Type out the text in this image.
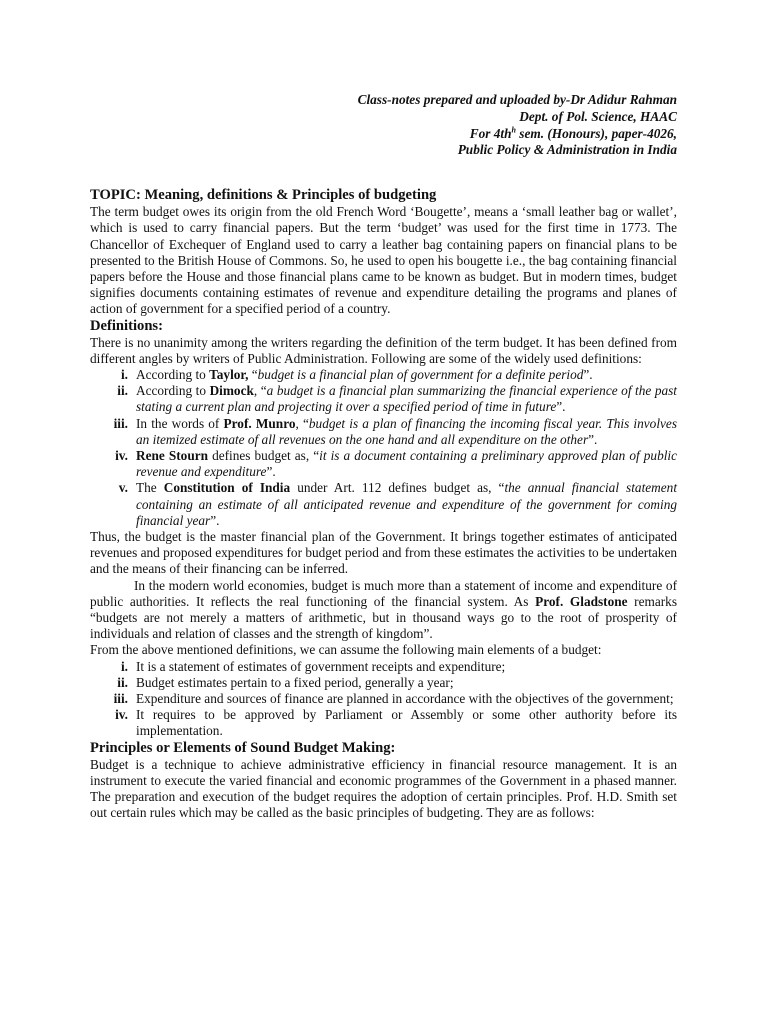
Class-notes prepared and uploaded by-Dr Adidur Rahman
Dept. of Pol. Science, HAAC
For $4th^h$ sem. (Honours), paper-4026,
Public Policy & Administration in India
TOPIC: Meaning, definitions & Principles of budgeting

The term budget owes its origin from the old French Word ‘Bougette’, means a ‘small leather bag or wallet’, which is used to carry financial papers. But the term ‘budget’ was used for the first time in 1773. The Chancellor of Exchequer of England used to carry a leather bag containing papers on financial plans to be presented to the British House of Commons. So, he used to open his bougette i.e., the bag containing financial papers before the House and those financial plans came to be known as budget. But in modern times, budget signifies documents containing estimates of revenue and expenditure detailing the programs and planes of action of government for a specified period of a country.

Definitions:

There is no unanimity among the writers regarding the definition of the term budget. It has been defined from different angles by writers of Public Administration. Following are some of the widely used definitions:

i. According to Taylor, “budget is a financial plan of government for a definite period”.
ii. According to Dimock, “a budget is a financial plan summarizing the financial experience of the past stating a current plan and projecting it over a specified period of time in future”.
iii. In the words of Prof. Munro, “budget is a plan of financing the incoming fiscal year. This involves an itemized estimate of all revenues on the one hand and all expenditure on the other”.
iv. Rene Stourn defines budget as, “it is a document containing a preliminary approved plan of public revenue and expenditure”.
v. The Constitution of India under Art. 112 defines budget as, “the annual financial statement containing an estimate of all anticipated revenue and expenditure of the government for coming financial year”.

Thus, the budget is the master financial plan of the Government. It brings together estimates of anticipated revenues and proposed expenditures for budget period and from these estimates the activities to be undertaken and the means of their financing can be inferred.

In the modern world economies, budget is much more than a statement of income and expenditure of public authorities. It reflects the real functioning of the financial system. As Prof. Gladstone remarks “budgets are not merely a matters of arithmetic, but in thousand ways go to the root of prosperity of individuals and relation of classes and the strength of kingdom”.

From the above mentioned definitions, we can assume the following main elements of a budget:

i. It is a statement of estimates of government receipts and expenditure;
ii. Budget estimates pertain to a fixed period, generally a year;
iii. Expenditure and sources of finance are planned in accordance with the objectives of the government;
iv. It requires to be approved by Parliament or Assembly or some other authority before its implementation.
Principles or Elements of Sound Budget Making:

Budget is a technique to achieve administrative efficiency in financial resource management. It is an instrument to execute the varied financial and economic programmes of the Government in a phased manner. The preparation and execution of the budget requires the adoption of certain principles. Prof. H.D. Smith set out certain rules which may be called as the basic principles of budgeting. They are as follows:
